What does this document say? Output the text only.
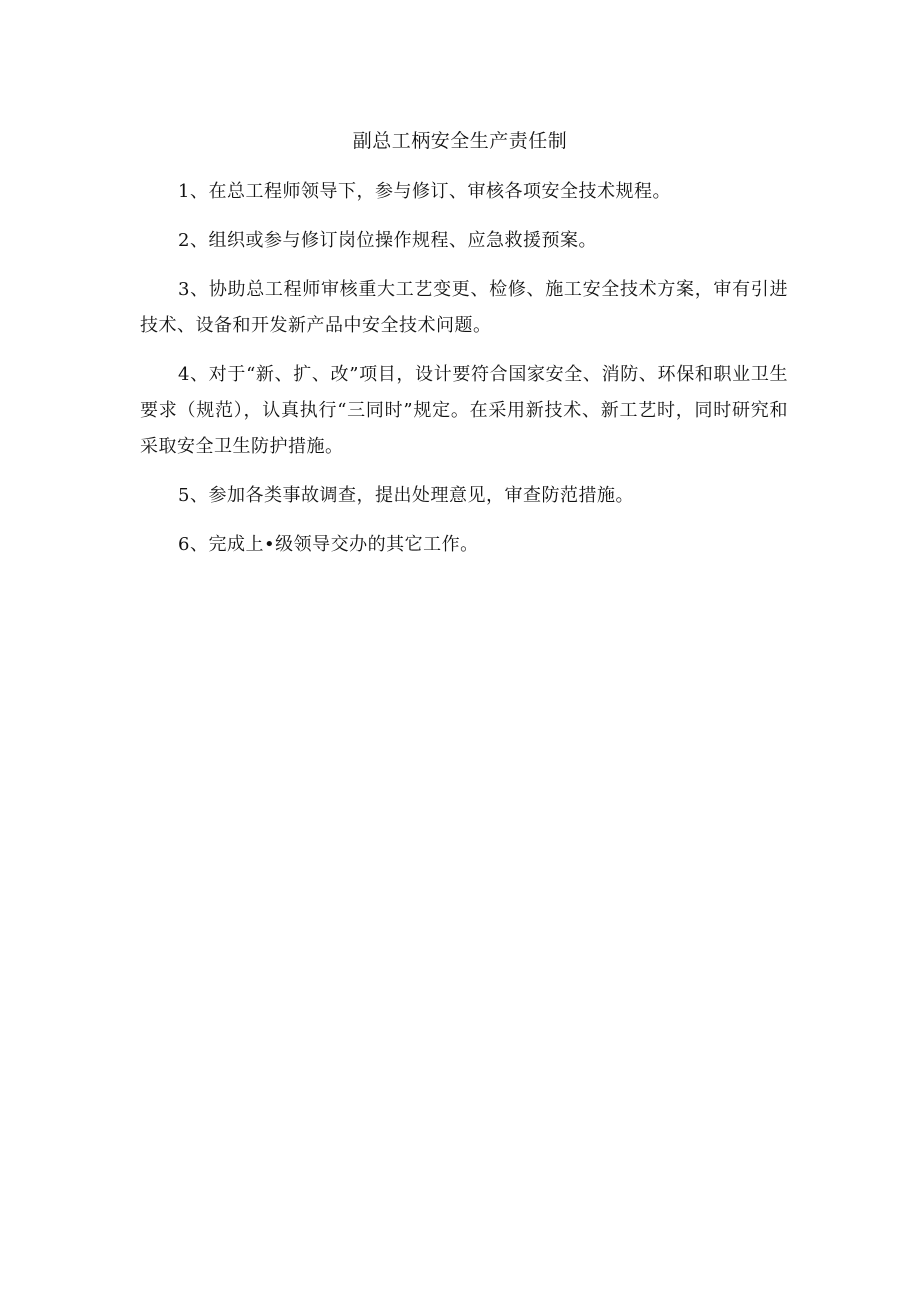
副总工柄安全生产责任制

1、在总工程师领导下，参与修订、审核各项安全技术规程。

2、组织或参与修订岗位操作规程、应急救援预案。

3、协助总工程师审核重大工艺变更、检修、施工安全技术方案，审有引进技术、设备和开发新产品中安全技术问题。

4、对于“新、扩、改”项目，设计要符合国家安全、消防、环保和职业卫生要求（规范），认真执行“三同时”规定。在采用新技术、新工艺时，同时研究和采取安全卫生防护措施。

5、参加各类事故调查，提出处理意见，审查防范措施。

6、完成上•级领导交办的其它工作。
